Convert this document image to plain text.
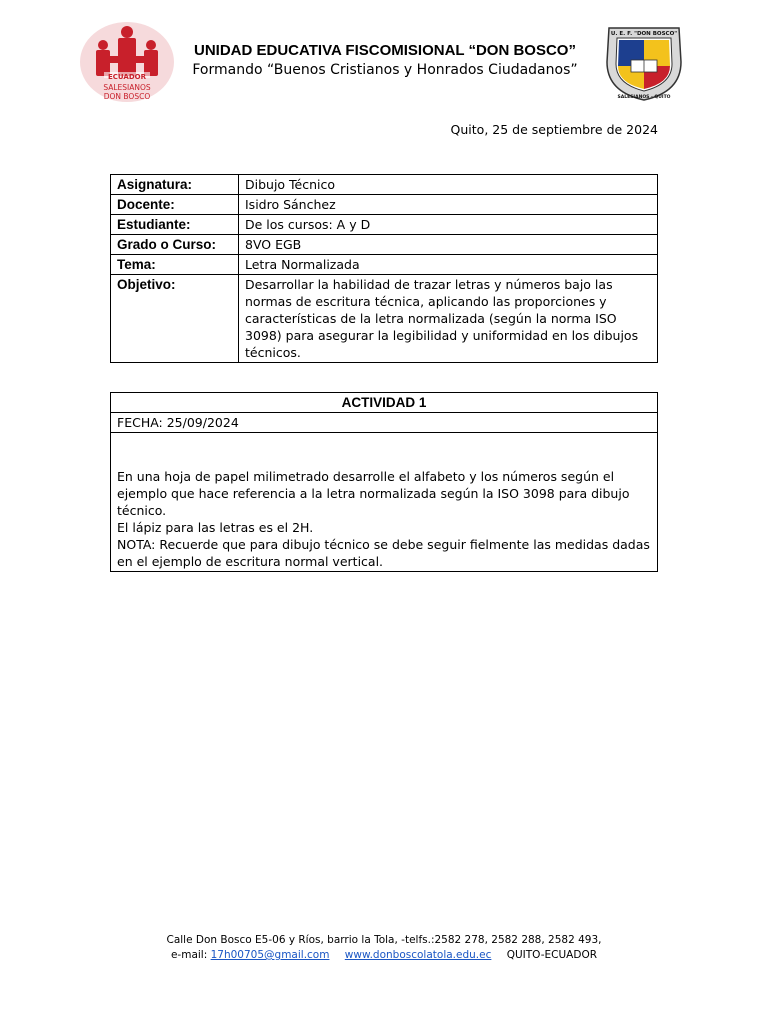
ECUADOR
SALESIANOS
DON BOSCO
UNIDAD EDUCATIVA FISCOMISIONAL “DON BOSCO”
Formando “Buenos Cristianos y Honrados Ciudadanos”
U. E. F. "DON BOSCO"
SALESIANOS - QUITO
Quito, 25 de septiembre de 2024
Asignatura:	Dibujo Técnico
Docente:	Isidro Sánchez
Estudiante:	De los cursos: A y D
Grado o Curso:	8VO EGB
Tema:	Letra Normalizada
Objetivo:	Desarrollar la habilidad de trazar letras y números bajo las normas de escritura técnica, aplicando las proporciones y características de la letra normalizada (según la norma ISO 3098) para asegurar la legibilidad y uniformidad en los dibujos técnicos.
ACTIVIDAD 1
FECHA: 25/09/2024

En una hoja de papel milimetrado desarrolle el alfabeto y los números según el ejemplo que hace referencia a la letra normalizada según la ISO 3098 para dibujo técnico.

El lápiz para las letras es el 2H.

NOTA: Recuerde que para dibujo técnico se debe seguir fielmente las medidas dadas en el ejemplo de escritura normal vertical.

Calle Don Bosco E5-06 y Ríos, barrio la Tola, -telfs.:2582 278, 2582 288, 2582 493,
e-mail: 17h00705@gmail.com www.donboscolatola.edu.ec QUITO-ECUADOR
